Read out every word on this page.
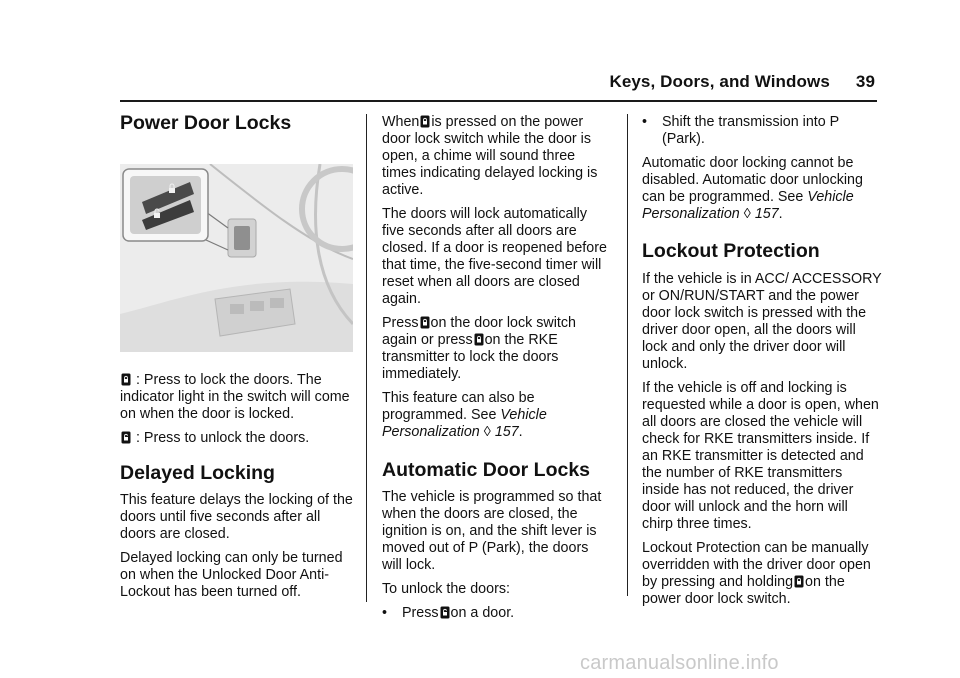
Keys, Doors, and Windows 39
Power Door Locks

: Press to lock the doors. The indicator light in the switch will come on when the door is locked.

: Press to unlock the doors.

Delayed Locking

This feature delays the locking of the doors until five seconds after all doors are closed.

Delayed locking can only be turned on when the Unlocked Door Anti-Lockout has been turned off.

When is pressed on the power door lock switch while the door is open, a chime will sound three times indicating delayed locking is active.

The doors will lock automatically five seconds after all doors are closed. If a door is reopened before that time, the five-second timer will reset when all doors are closed again.

Press on the door lock switch again or press on the RKE transmitter to lock the doors immediately.

This feature can also be programmed. See Vehicle Personalization ◊ 157.

Automatic Door Locks

The vehicle is programmed so that when the doors are closed, the ignition is on, and the shift lever is moved out of P (Park), the doors will lock.

To unlock the doors:

•	Press on a door.
•	Shift the transmission into P (Park).

Automatic door locking cannot be disabled. Automatic door unlocking can be programmed. See Vehicle Personalization ◊ 157.

Lockout Protection

If the vehicle is in ACC/ ACCESSORY or ON/RUN/START and the power door lock switch is pressed with the driver door open, all the doors will lock and only the driver door will unlock.

If the vehicle is off and locking is requested while a door is open, when all doors are closed the vehicle will check for RKE transmitters inside. If an RKE transmitter is detected and the number of RKE transmitters inside has not reduced, the driver door will unlock and the horn will chirp three times.

Lockout Protection can be manually overridden with the driver door open by pressing and holding on the power door lock switch.

carmanualsonline.info
